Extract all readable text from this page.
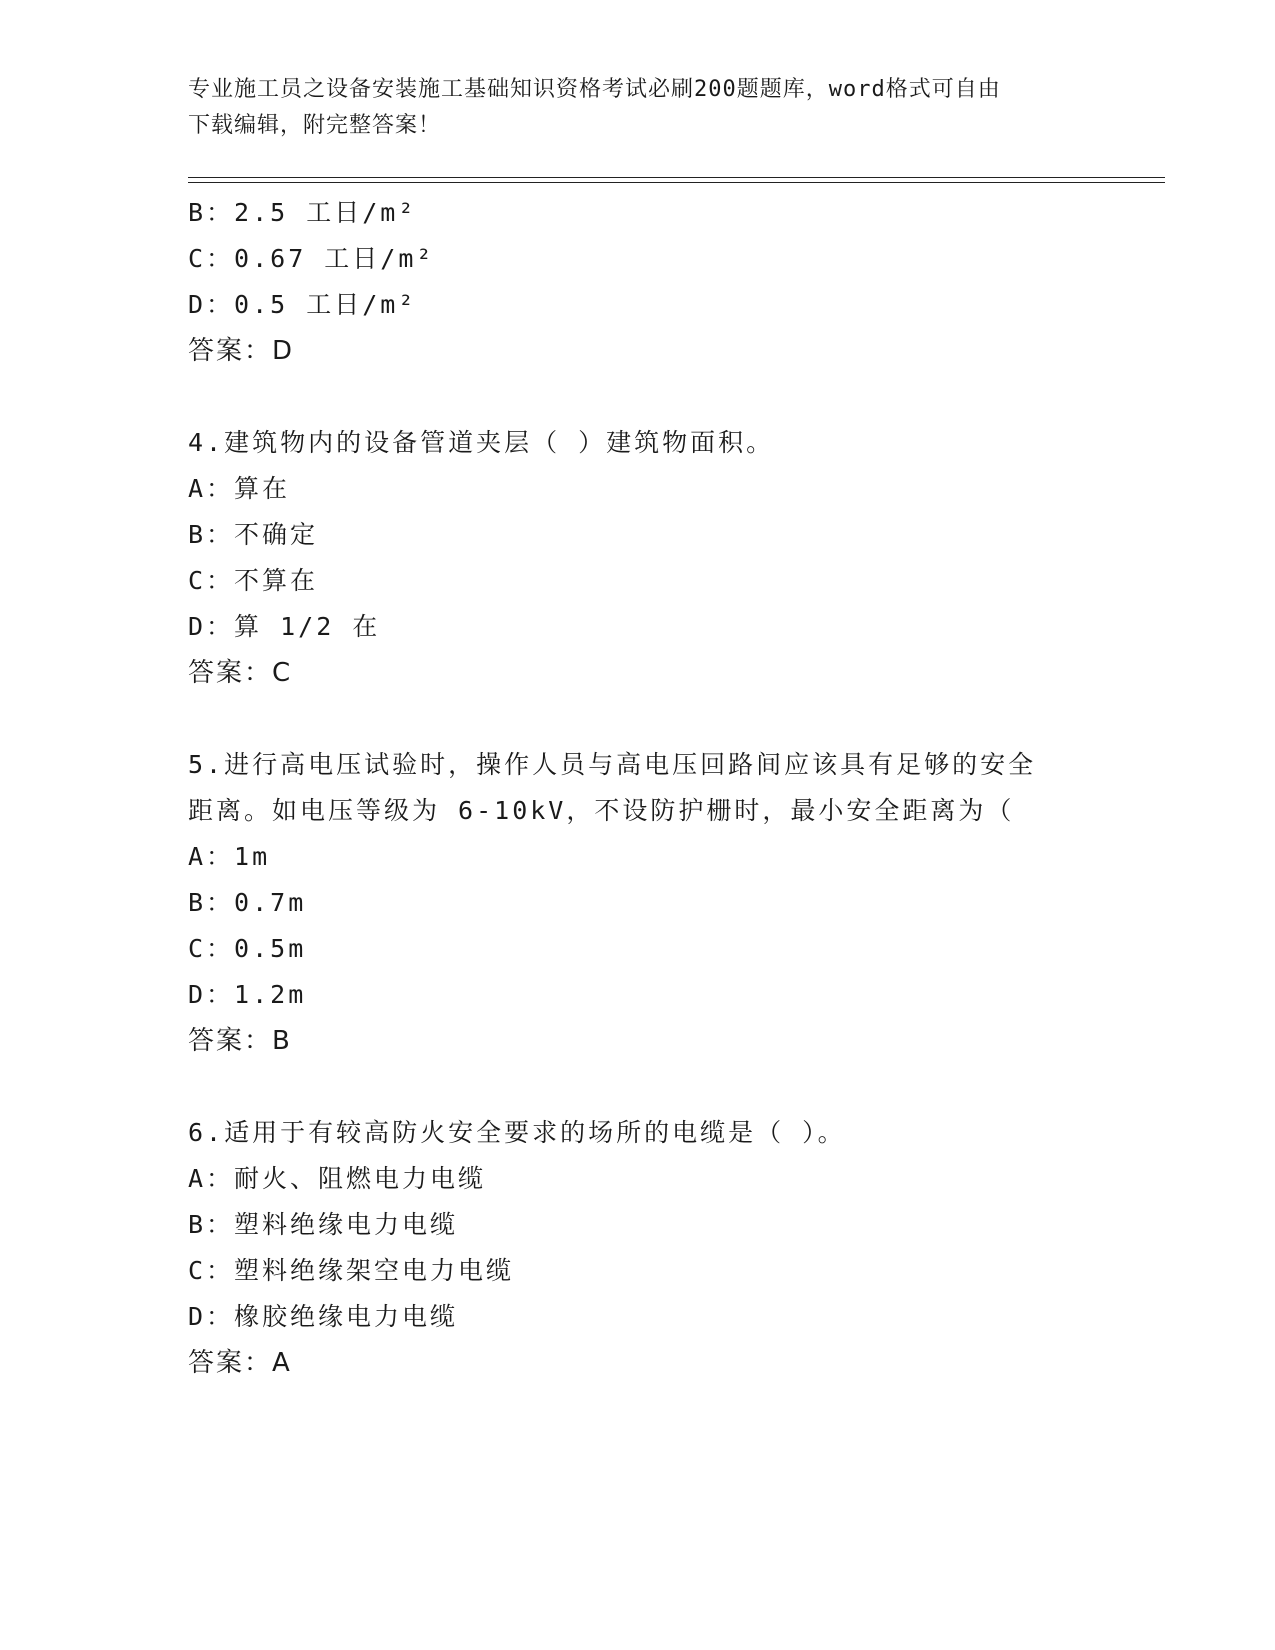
专业施工员之设备安装施工基础知识资格考试必刷200题题库，word格式可自由
下载编辑，附完整答案！
B：2.5 工日/m²
C：0.67 工日/m²
D：0.5 工日/m²
答案：D
4.建筑物内的设备管道夹层（ ）建筑物面积。
A：算在
B：不确定
C：不算在
D：算 1/2 在
答案：C
5.进行高电压试验时，操作人员与高电压回路间应该具有足够的安全
距离。如电压等级为 6-10kV，不设防护栅时，最小安全距离为（
A：1m
B：0.7m
C：0.5m
D：1.2m
答案：B
6.适用于有较高防火安全要求的场所的电缆是（ ）。
A：耐火、阻燃电力电缆
B：塑料绝缘电力电缆
C：塑料绝缘架空电力电缆
D：橡胶绝缘电力电缆
答案：A
